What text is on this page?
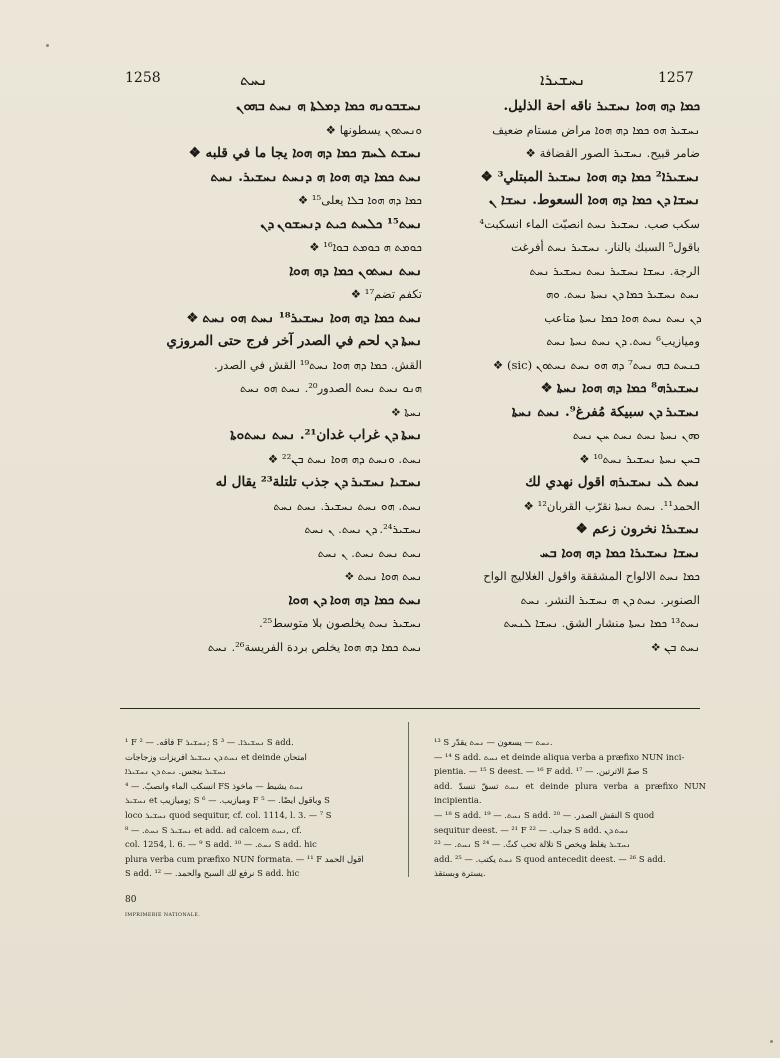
1258	ܢܚܬ	ܢܚܫܝܪܐ	1257

ܢܚܫܒܘܢܗ ܟܡܐ ܕܡܠܬܐ ܗ ܢܚܬ ܒܗܘܢ

ܘܢܚܬܘܢ يسطونها ❖

ܢܚܫܬ ܠܚܡ ܟܡܐ ܕܗ ܗܘܐ يجا ما في قلبه ❖

ܢܚܬ ܟܡܐ ܕܗ ܗܘܐ ܗ ܕܢܚܬ ܢܚܫܝܪ. ܢܚܬ

ܟܡܐ ܕܗ ܗܘܐ ܒܠܐ يعلى¹⁵ ❖

ܢܚܬ¹⁵ ܟܠܚܬ ܟܝܬ ܕܢܚܫܘܢ ܕܢ

ܟܘܡܬ ܗ ܟܘܡܬ ܒܘܐ¹⁶ ❖

ܢܚܬ ܢܚܬܘܢ ܟܡܐ ܕܗ ܗܘܐ

تكفم تضم¹⁷ ❖

ܢܚܬ ܟܡܐ ܕܗ ܗܘܐ ܢܚܫܝܪ¹⁸ ܢܚܬ ܗܘ ܢܚܬ ❖

ܢܚܬܐ ܕܢ لحم في الصدر آخر فرج حتى المروزي

القش. ܟܡܐ ܕܗ ܗܘܐ ܢܚܬ¹⁹ القش في الصدر.

ܗܢܘ ܢܚܬ ܢܚܬ الصدور²⁰. ܢܚܬ ܗܘ ܢܚܬ

ܢܚܬܐ ❖

ܢܚܬܐ ܕܢ غراب غدان²¹. ܢܚܬ ܢܚܬܘܬܐ

ܢܚܬ. ܘܢܚܬ ܕܗ ܗܘܐ ܢܚܬ ܒܢ²² ❖

ܢܚܫܝܐ ܢܚܫܝܪ ܕܢ جذب تلتلة²³ يقال له

ܢܚܬ. ܗܘ ܢܚܬ ܢܚܫܝܪ. ܢܚܬ ܢܚܬ

ܢܚܫܝܪ²⁴. ܕܢ ܢܚܬ. ܢ ܢܚܬ

ܢܚܬ ܢܚܬ ܢܚܬ. ܢ ܢܚܬ

ܢܚܬ ܗܘܐ ܢܚܬ ❖

ܢܚܬ ܟܡܐ ܕܗ ܗܘܐ ܕܢ ܗܘܐ

ܢܚܫܝܪ ܢܚܬ يخلصون بلا متوسط²⁵.

ܢܚܬ ܟܡܐ ܕܗ ܗܘܐ يخلص بردة الفريسة²⁶. ܢܚܬ

ܟܡܐ ܕܗ ܗܘܐ ܢܚܫܝܪ ناقه احة الذليل.

ܢܚܫܝܪ ܗܘ ܟܡܐ ܕܗ ܗܘܐ مراض مستام ضعيف

ضامر قبيح. ܢܚܫܝܪ الصور القضافة ❖

ܢܚܫܝܪܐ² ܟܡܐ ܕܗ ܗܘܐ ܢܚܫܝܪ المبتلي³ ❖

ܢܚܫܐ ܕܢ ܟܡܐ ܕܗ ܗܘܐ السعوط. ܢܚܫܐ ܢ

سكب صب. ܢܚܫܝܪ ܢܚܬ انصبّت الماء انسكبت⁴

باقول⁵ السبك بالنار. ܢܚܫܝܪ ܢܚܬ أفرغت

الرجة. ܢܚܫܐ ܢܚܫܝܪ ܢܚܬ ܢܚܫܝܪ ܢܚܬ

ܢܚܬ ܢܚܫܝܪ ܟܡܐ ܕܢ ܢܚܬܐ ܢܚܬ. ܘܗ

ܕܢ ܢܚܬ ܢܚܬ ܗܘܐ ܟܡܐ ܢܚܬܐ متاعب

وميازيب⁶ ܢܚܬ. ܕܢ ܢܚܬ ܢܚܬܐ ܢܚܬ

ܟܢܚܬ ܒܗ ܢܚܬ⁷ ܕܗ ܗܘ ܢܚܬ ܢܚܬܘܢ (sic) ❖

ܢܚܫܝܪܗ⁸ ܟܡܐ ܕܗ ܗܘܐ ܢܚܬܐ ❖

ܢܚܫܝܪ ܕܢ سبيكة مُفرغ⁹. ܢܚܬ ܢܚܬܐ

ܘܗܢ ܢܚܬܐ ܢܚܬ ܢܚܬ ܚܢ ܢܚܬ

ܒܚܢ ܢܚܬܐ ܢܚܫܝܪ ܢܚܬ¹⁰ ❖

ܢܚܬ ܠܝ ܢܚܫܝܪܗ اقول نهدي لك

الحمد¹¹. ܢܚܬ ܢܚܬܐ نقرّب القربان¹² ❖

ܢܚܫܝܪܐ نخرون زعم ❖

ܢܚܫܐ ܢܚܫܝܪܐ ܟܡܐ ܕܗ ܗܘܐ ܒܚ

ܟܡܐ ܢܚܬ الالواح المشققة واقول الغلاليج الواح

الصنوبر. ܢܚܬ ܕܢ ܗ ܢܚܫܝܪ النشر. ܢܚܬ

ܢܚܬ¹³ ܟܡܐ ܢܚܬܐ منشار الشق. ܢܚܫܐ ܠܢܚܬ

ܢܚܬ ܒܢ ❖

¹ F فاقه. — ² F ܢܚܫܝܪ; S ܢܚܫܝܪܐ. — ³ S add.

ܢܚܬ ܕܢ ܢܚܫܝܪ افريزات وزجاجات et deinde امتحان

ܢܚܫܝܪ بنجس. ܢܚܬ ܕܢ ܢܚܫܝܪܐ

انسكب الماء وانصبّ. — ⁴ FS ܢܚܬ يشيط — ماخوذ

ܢܚܫܝܪ et وميازيب; S وميازيب. — ⁶ F وباقول ايضًا. — ⁵ S

loco ܢܚܫܝܪ quod sequitur, cf. col. 1114, l. 3. — ⁷ S

ܢܚܬ. — ⁸ S ܢܚܫܝܪ et add. ad calcem ܢܚܬ, cf.

col. 1254, l. 6. — ⁹ S add. ܢܚܬ. — ¹⁰ S add. hic

plura verba cum præfixo NUN formata. — ¹¹ F اقول الحمد

S add. نرفع لك السبح والحمد. — ¹² S add. hic

¹³ S ܢܚܬ — يسعون — ܢܚܬ يقدّر.

— ¹⁴ S add. ܢܚܬ et deinde aliqua verba a præfixo NUN inci-

pientia. — ¹⁵ S deest. — ¹⁶ F add. صمّ الاترتين. — ¹⁷ S

add. ܢܚܬ تسقّ تنسدّ et deinde plura verba a præfixo NUN incipientia.

— ¹⁸ S add. ܢܚܬ. — ¹⁹ S add. النقش الصدر. — ²⁰ S quod

sequitur deest. — ²¹ F جداب. — ²² S add. ܢܚܬ ܕܢ

ܢܚܬ. — ²³ S تلالة تحب كثّ. — ²⁴ S ܢܚܫܝܪ يغلظ ويخص

add. ܢܚܬ يكتب. — ²⁵ S quod antecedit deest. — ²⁶ S add.

يسترة وبستقذ.

80
IMPRIMERIE NATIONALE.
